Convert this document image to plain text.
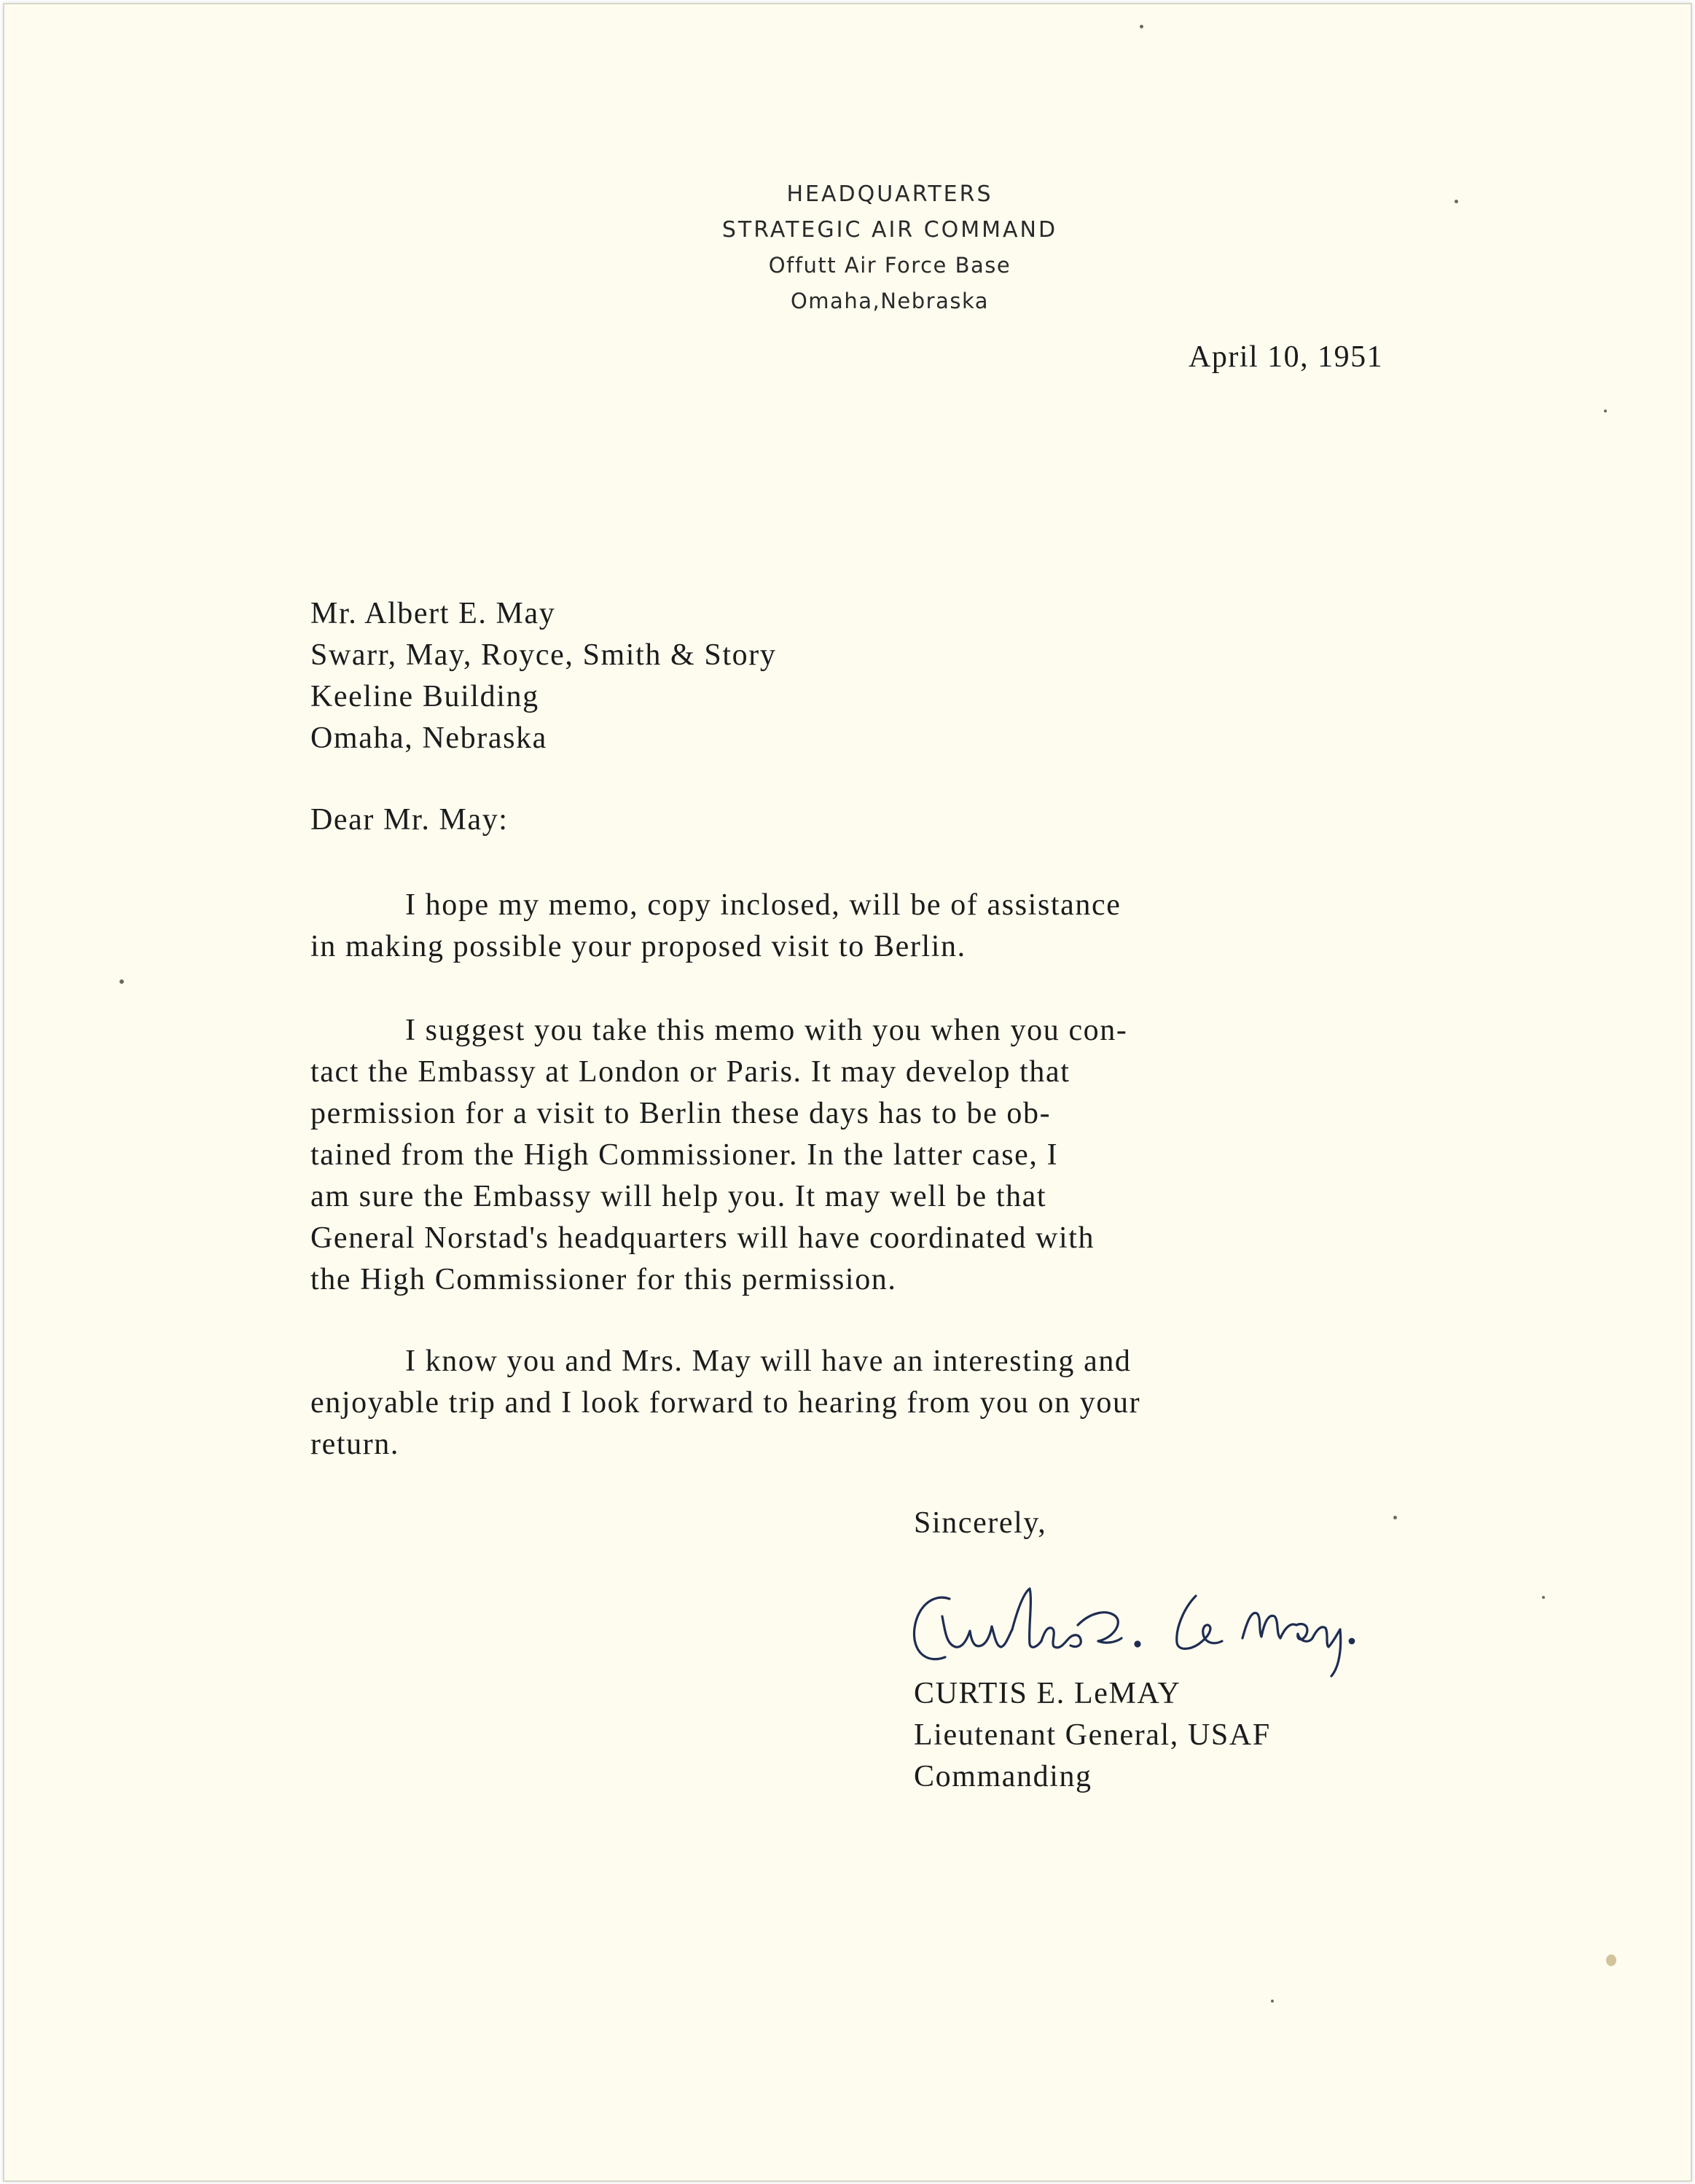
HEADQUARTERS
STRATEGIC AIR COMMAND
Offutt Air Force Base
Omaha,Nebraska
April 10, 1951
Mr. Albert E. May
Swarr, May, Royce, Smith & Story
Keeline Building
Omaha, Nebraska
Dear Mr. May:
I hope my memo, copy inclosed, will be of assistance
in making possible your proposed visit to Berlin.
I suggest you take this memo with you when you con-
tact the Embassy at London or Paris. It may develop that
permission for a visit to Berlin these days has to be ob-
tained from the High Commissioner. In the latter case, I
am sure the Embassy will help you. It may well be that
General Norstad's headquarters will have coordinated with
the High Commissioner for this permission.
I know you and Mrs. May will have an interesting and
enjoyable trip and I look forward to hearing from you on your
return.
Sincerely,
CURTIS E. LeMAY
Lieutenant General, USAF
Commanding
